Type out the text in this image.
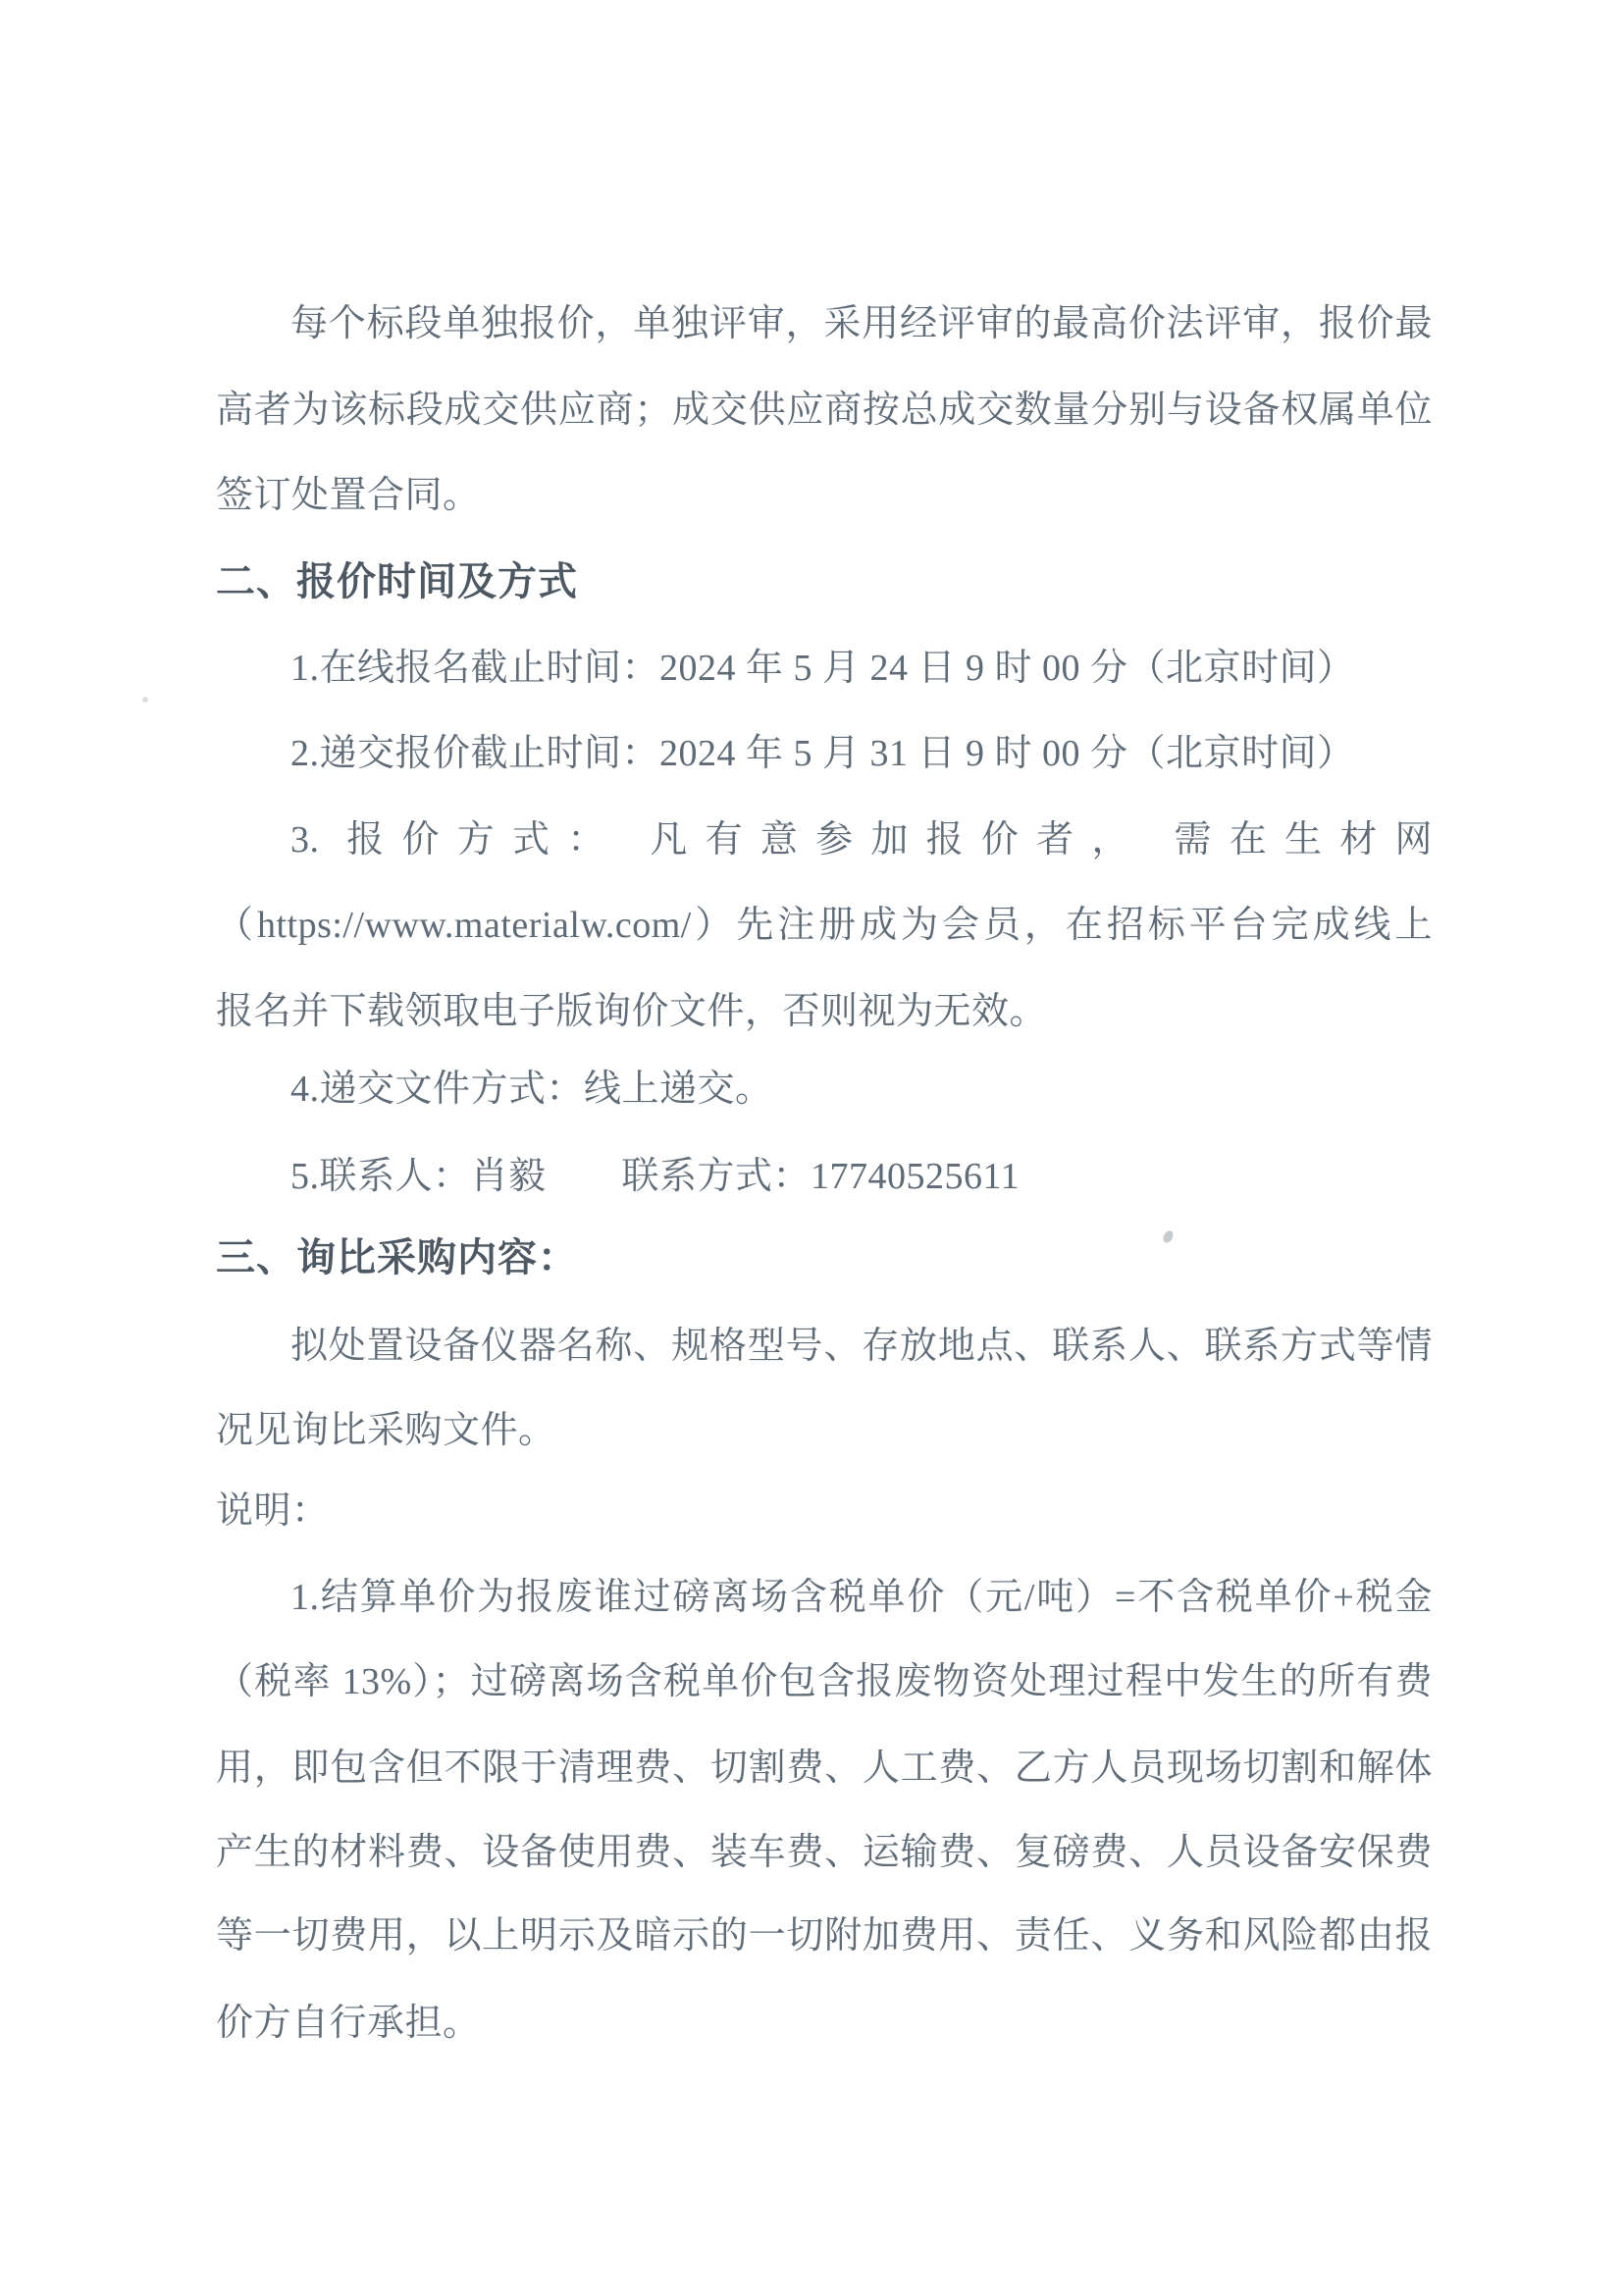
每个标段单独报价，单独评审，采用经评审的最高价法评审，报价最
高者为该标段成交供应商；成交供应商按总成交数量分别与设备权属单位
签订处置合同。
二、报价时间及方式
1.在线报名截止时间：2024 年 5 月 24 日 9 时 00 分（北京时间）
2.递交报价截止时间：2024 年 5 月 31 日 9 时 00 分（北京时间）
3. 报价方式： 凡有意参加报价者， 需在生材网
（https://www.materialw.com/）先注册成为会员，在招标平台完成线上
报名并下载领取电子版询价文件，否则视为无效。
4.递交文件方式：线上递交。
5.联系人：肖毅　　联系方式：17740525611
三、询比采购内容：
拟处置设备仪器名称、规格型号、存放地点、联系人、联系方式等情
况见询比采购文件。
说明：
1.结算单价为报废谁过磅离场含税单价（元/吨）=不含税单价+税金
（税率 13%）；过磅离场含税单价包含报废物资处理过程中发生的所有费
用，即包含但不限于清理费、切割费、人工费、乙方人员现场切割和解体
产生的材料费、设备使用费、装车费、运输费、复磅费、人员设备安保费
等一切费用，以上明示及暗示的一切附加费用、责任、义务和风险都由报
价方自行承担。
